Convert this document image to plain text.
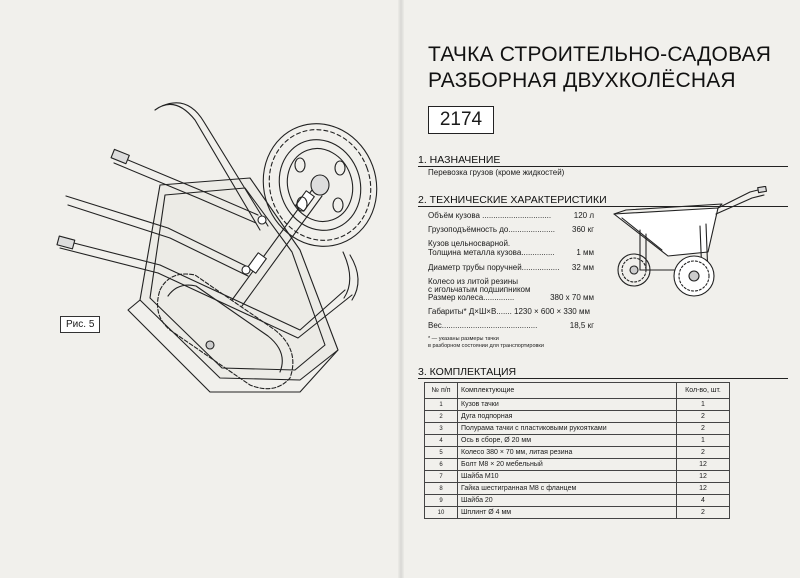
Рис. 5
ТАЧКА СТРОИТЕЛЬНО-САДОВАЯ
РАЗБОРНАЯ ДВУХКОЛЁСНАЯ
2174
1. НАЗНАЧЕНИЕ
Перевозка грузов (кроме жидкостей)
2. ТЕХНИЧЕСКИЕ ХАРАКТЕРИСТИКИ
Объём кузова ...............................	120 л
Грузоподъёмность до..................... 360 кг
Кузов цельносварной.
Толщина металла кузова...............	1 мм
Диаметр трубы поручней................. 32 мм
Колесо из литой резины
с игольчатым подшипником
Размер колеса..............	380 х 70 мм
Габариты* Д×Ш×В....... 1230 × 600 × 330 мм
Вес...........................................	18,5 кг
* — указаны размеры тачки
в разборном состоянии для транспортировки
3. КОМПЛЕКТАЦИЯ
№ п/п	Комплектующие	Кол-во, шт.
1	Кузов тачки	1
2	Дуга подпорная	2
3	Полурама тачки с пластиковыми рукоятками	2
4	Ось в сборе, Ø 20 мм	1
5	Колесо 380 × 70 мм, литая резина	2
6	Болт М8 × 20 мебельный	12
7	Шайба М10	12
8	Гайка шестигранная М8 с фланцем	12
9	Шайба 20	4
10	Шплинт Ø 4 мм	2
